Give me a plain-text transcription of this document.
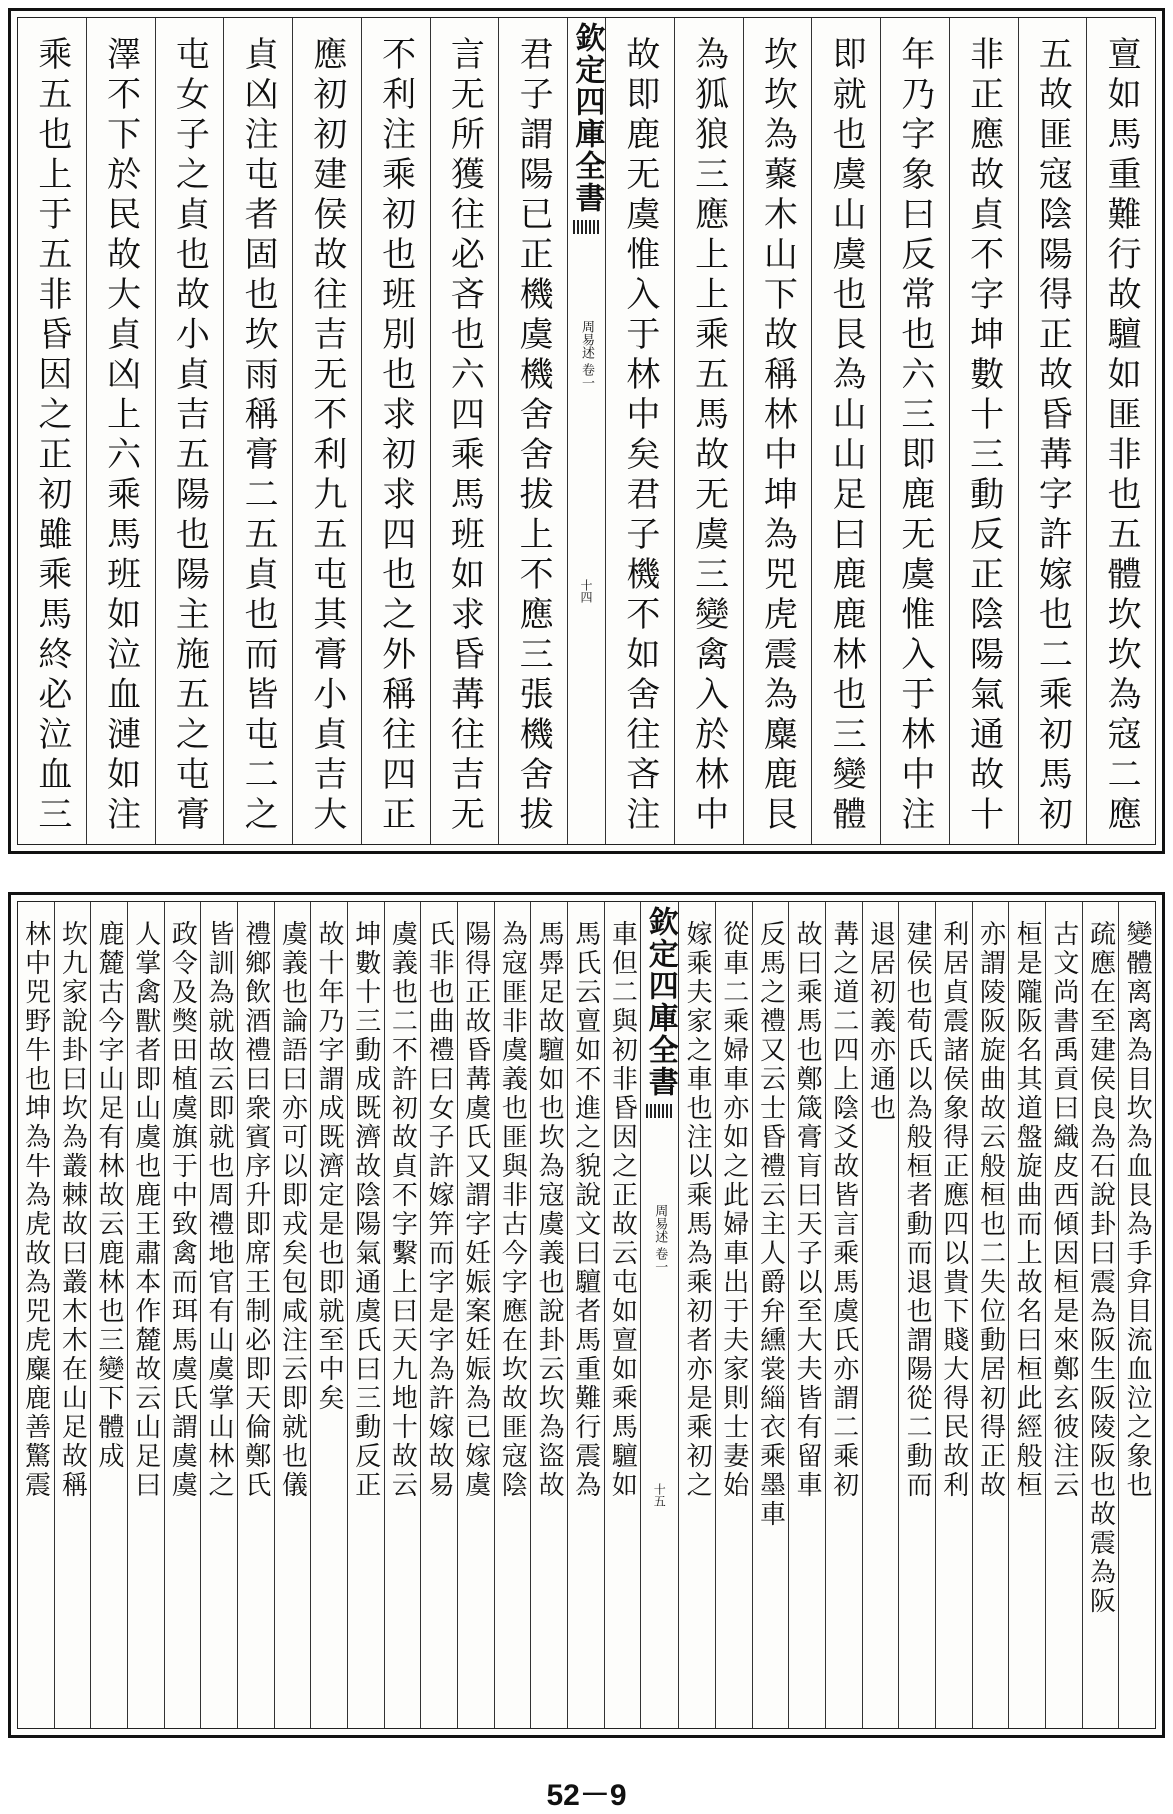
亶如馬重難行故驙如匪非也五體坎坎為寇二應
五故匪寇陰陽得正故昏冓字許嫁也二乘初馬初
非正應故貞不字坤數十三動反正陰陽氣通故十
年乃字象曰反常也六三即鹿无虞惟入于林中注
即就也虞山虞也艮為山山足曰鹿鹿林也三變體
坎坎為藂木山下故稱林中坤為兕虎震為麋鹿艮
為狐狼三應上上乘五馬故无虞三變禽入於林中
故即鹿无虞惟入于林中矣君子機不如舍往吝注
欽定四庫全書
周易述 卷一
十四
君子謂陽已正機虞機舍舍拔上不應三張機舍拔
言无所獲往必吝也六四乘馬班如求昏冓往吉无
不利注乘初也班別也求初求四也之外稱往四正
應初初建侯故往吉无不利九五屯其膏小貞吉大
貞凶注屯者固也坎雨稱膏二五貞也而皆屯二之
屯女子之貞也故小貞吉五陽也陽主施五之屯膏
澤不下於民故大貞凶上六乘馬班如泣血漣如注
乘五也上于五非昏因之正初雖乘馬終必泣血三
變體离离為目坎為血艮為手弇目流血泣之象也
疏應在至建侯良為石說卦曰震為阪生阪陵阪也故震為阪
古文尚書禹貢曰織皮西傾因桓是來鄭玄彼注云
桓是隴阪名其道盤旋曲而上故名曰桓此經般桓
亦謂陵阪旋曲故云般桓也二失位動居初得正故
利居貞震諸侯象得正應四以貴下賤大得民故利
建侯也荀氏以為般桓者動而退也謂陽從二動而
退居初義亦通也
冓之道二四上陰爻故皆言乘馬虞氏亦謂二乘初
故曰乘馬也鄭箴膏肓曰天子以至大夫皆有留車
反馬之禮又云士昏禮云主人爵弁纁裳緇衣乘墨車
從車二乘婦車亦如之此婦車出于夫家則士妻始
嫁乘夫家之車也注以乘馬為乘初者亦是乘初之
欽定四庫全書
周易述 卷一
十五
車但二與初非昏因之正故云屯如亶如乘馬驙如
馬氏云亶如不進之貌說文曰驙者馬重難行震為
馬馵足故驙如也坎為寇虞義也說卦云坎為盜故
為寇匪非虞義也匪與非古今字應在坎故匪寇陰
陽得正故昏冓虞氏又謂字妊娠案妊娠為已嫁虞
氏非也曲禮曰女子許嫁笄而字是字為許嫁故易
虞義也二不許初故貞不字繫上曰天九地十故云
坤數十三動成既濟故陰陽氣通虞氏曰三動反正
故十年乃字謂成既濟定是也即就至中矣
虞義也論語曰亦可以即戎矣包咸注云即就也儀
禮鄉飲酒禮曰衆賓序升即席王制必即天倫鄭氏
皆訓為就故云即就也周禮地官有山虞掌山林之
政令及獘田植虞旗于中致禽而珥馬虞氏謂虞虞
人掌禽獸者即山虞也鹿王肅本作麓故云山足曰
鹿麓古今字山足有林故云鹿林也三變下體成
坎九家說卦曰坎為叢棘故曰叢木木在山足故稱
林中兕野牛也坤為牛為虎故為兕虎麋鹿善驚震
52－9
